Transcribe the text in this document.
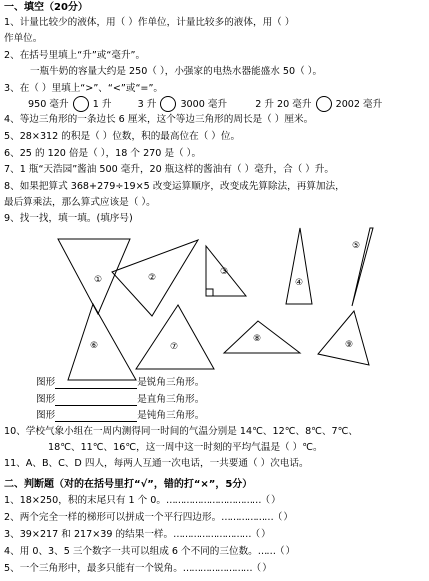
一、填空（20分）
1、计量比较少的液体，用（ ）作单位，计量比较多的液体，用（ ）
作单位。
2、在括号里填上“升”或“毫升”。
一瓶牛奶的容量大约是 250（ ），小强家的电热水器能盛水 50（ ）。
3、在（ ）里填上“>”、“<”或“=”。
950 毫升	1 升	3 升	3000 毫升	2 升 20 毫升	2002 毫升
4、等边三角形的一条边长 6 厘米，这个等边三角形的周长是（ ）厘米。
5、28×312 的积是（ ）位数，积的最高位在（ ）位。
6、25 的 120 倍是（ ），18 个 270 是（ ）。
7、1 瓶“天浩园”酱油 500 毫升，20 瓶这样的酱油有（ ）毫升，合（ ）升。
8、如果把算式 368+279÷19×5 改变运算顺序，改变成先算除法，再算加法，
最后算乘法，那么算式应该是（ ）。
9、找一找，填一填。(填序号)
①	②
③
④
⑤
⑥	⑦
⑧
⑨
图形	是锐角三角形。
图形	是直角三角形。
图形	是钝角三角形。
10、学校气象小组在一周内测得同一时间的气温分别是 14℃、12℃、8℃、7℃、
18℃、11℃、16℃，这一周中这一时刻的平均气温是（ ）℃。
11、A、B、C、D 四人，每两人互通一次电话，一共要通（ ）次电话。
二、判断题（对的在括号里打“√”，错的打“×”，5分）
1、18×250，积的末尾只有 1 个 0。……………………………（ ）
2、两个完全一样的梯形可以拼成一个平行四边形。………………（ ）
3、39×217 和 217×39 的结果一样。………………………（ ）
4、用 0、3、5 三个数字一共可以组成 6 个不同的三位数。……（ ）
5、一个三角形中，最多只能有一个锐角。……………………（ ）
